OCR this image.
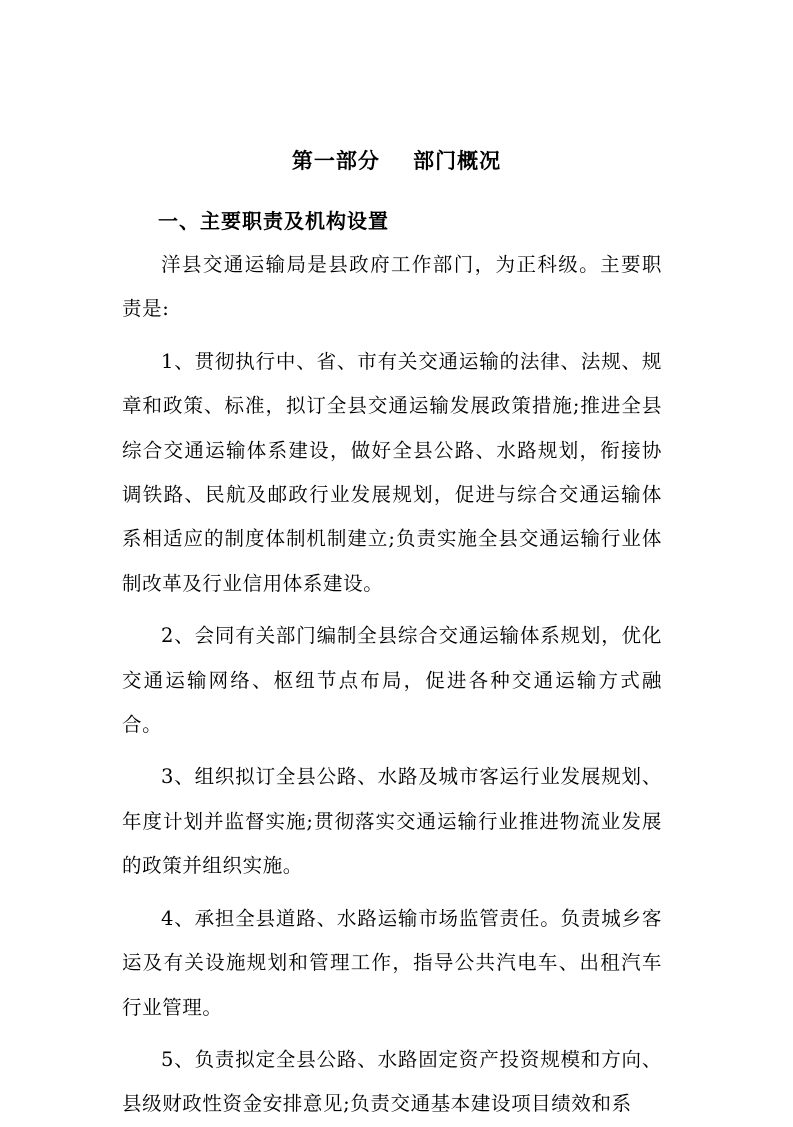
第一部分    部门概况
一、主要职责及机构设置

洋县交通运输局是县政府工作部门，为正科级。主要职责是:

1、贯彻执行中、省、市有关交通运输的法律、法规、规章和政策、标准，拟订全县交通运输发展政策措施;推进全县综合交通运输体系建设，做好全县公路、水路规划，衔接协调铁路、民航及邮政行业发展规划，促进与综合交通运输体系相适应的制度体制机制建立;负责实施全县交通运输行业体制改革及行业信用体系建设。

2、会同有关部门编制全县综合交通运输体系规划，优化交通运输网络、枢纽节点布局，促进各种交通运输方式融合。

3、组织拟订全县公路、水路及城市客运行业发展规划、年度计划并监督实施;贯彻落实交通运输行业推进物流业发展的政策并组织实施。

4、承担全县道路、水路运输市场监管责任。负责城乡客运及有关设施规划和管理工作，指导公共汽电车、出租汽车行业管理。

5、负责拟定全县公路、水路固定资产投资规模和方向、县级财政性资金安排意见;负责交通基本建设项目绩效和系
